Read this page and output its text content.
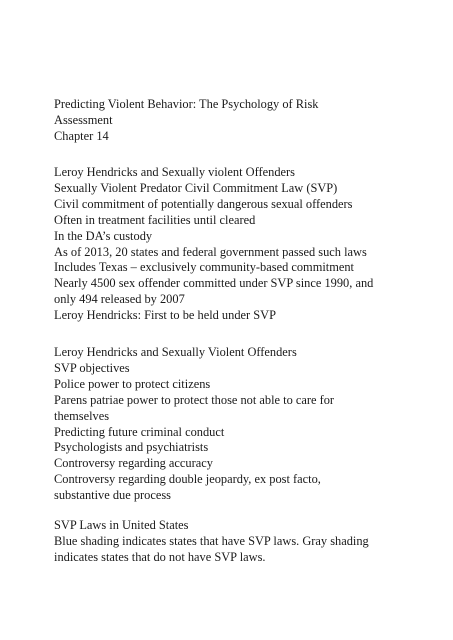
Predicting Violent Behavior: The Psychology of Risk
Assessment
Chapter 14
Leroy Hendricks and Sexually violent Offenders
Sexually Violent Predator Civil Commitment Law (SVP)
Civil commitment of potentially dangerous sexual offenders
Often in treatment facilities until cleared
In the DA’s custody
As of 2013, 20 states and federal government passed such laws
Includes Texas – exclusively community-based commitment
Nearly 4500 sex offender committed under SVP since 1990, and
only 494 released by 2007
Leroy Hendricks: First to be held under SVP
Leroy Hendricks and Sexually Violent Offenders
SVP objectives
Police power to protect citizens
Parens patriae power to protect those not able to care for
themselves
Predicting future criminal conduct
Psychologists and psychiatrists
Controversy regarding accuracy
Controversy regarding double jeopardy, ex post facto,
substantive due process
SVP Laws in United States
Blue shading indicates states that have SVP laws. Gray shading
indicates states that do not have SVP laws.
